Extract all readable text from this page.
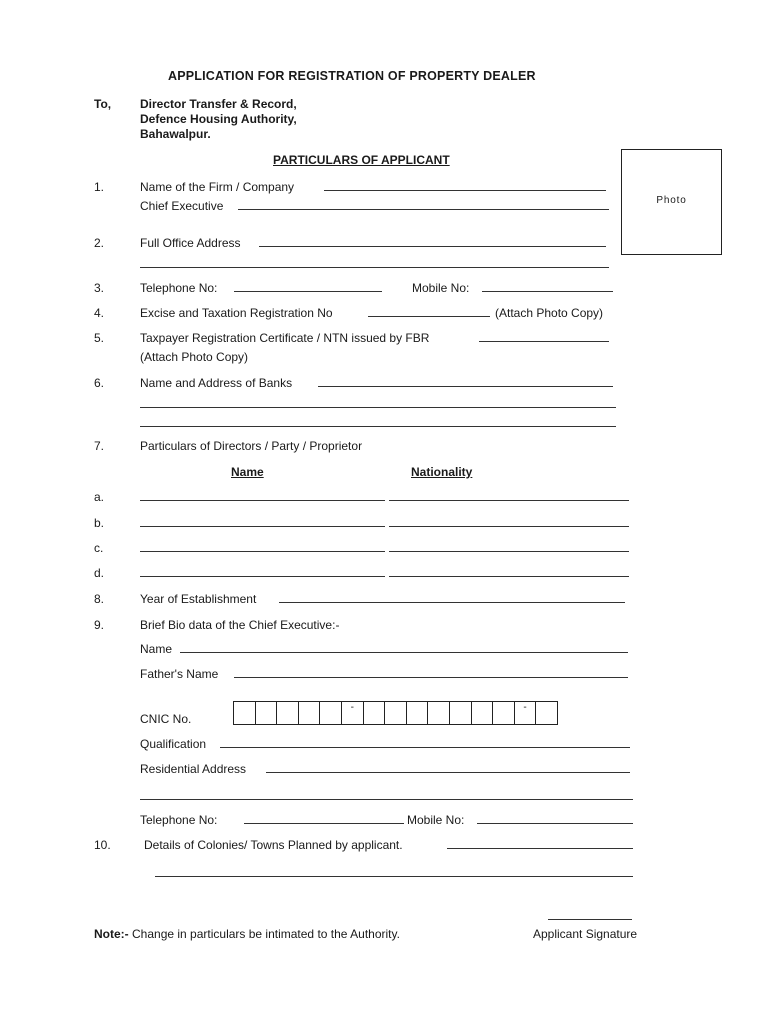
APPLICATION FOR REGISTRATION OF PROPERTY DEALER
To, Director Transfer & Record,
Defence Housing Authority,
Bahawalpur.
PARTICULARS OF APPLICANT
Photo
1.	Name of the Firm / Company
Chief Executive
2.	Full Office Address
3.	Telephone No:	Mobile No:
4.	Excise and Taxation Registration No	(Attach Photo Copy)
5.	Taxpayer Registration Certificate / NTN issued by FBR
(Attach Photo Copy)
6.	Name and Address of Banks
7.	Particulars of Directors / Party / Proprietor
Name	Nationality
a.
b.
c.
d.
8.	Year of Establishment
9.	Brief Bio data of the Chief Executive:-
Name
Father's Name
CNIC No.
-	-
Qualification
Residential Address
Telephone No:	Mobile No:
10.	Details of Colonies/ Towns Planned by applicant.
Note:- Change in particulars be intimated to the Authority.	Applicant Signature
